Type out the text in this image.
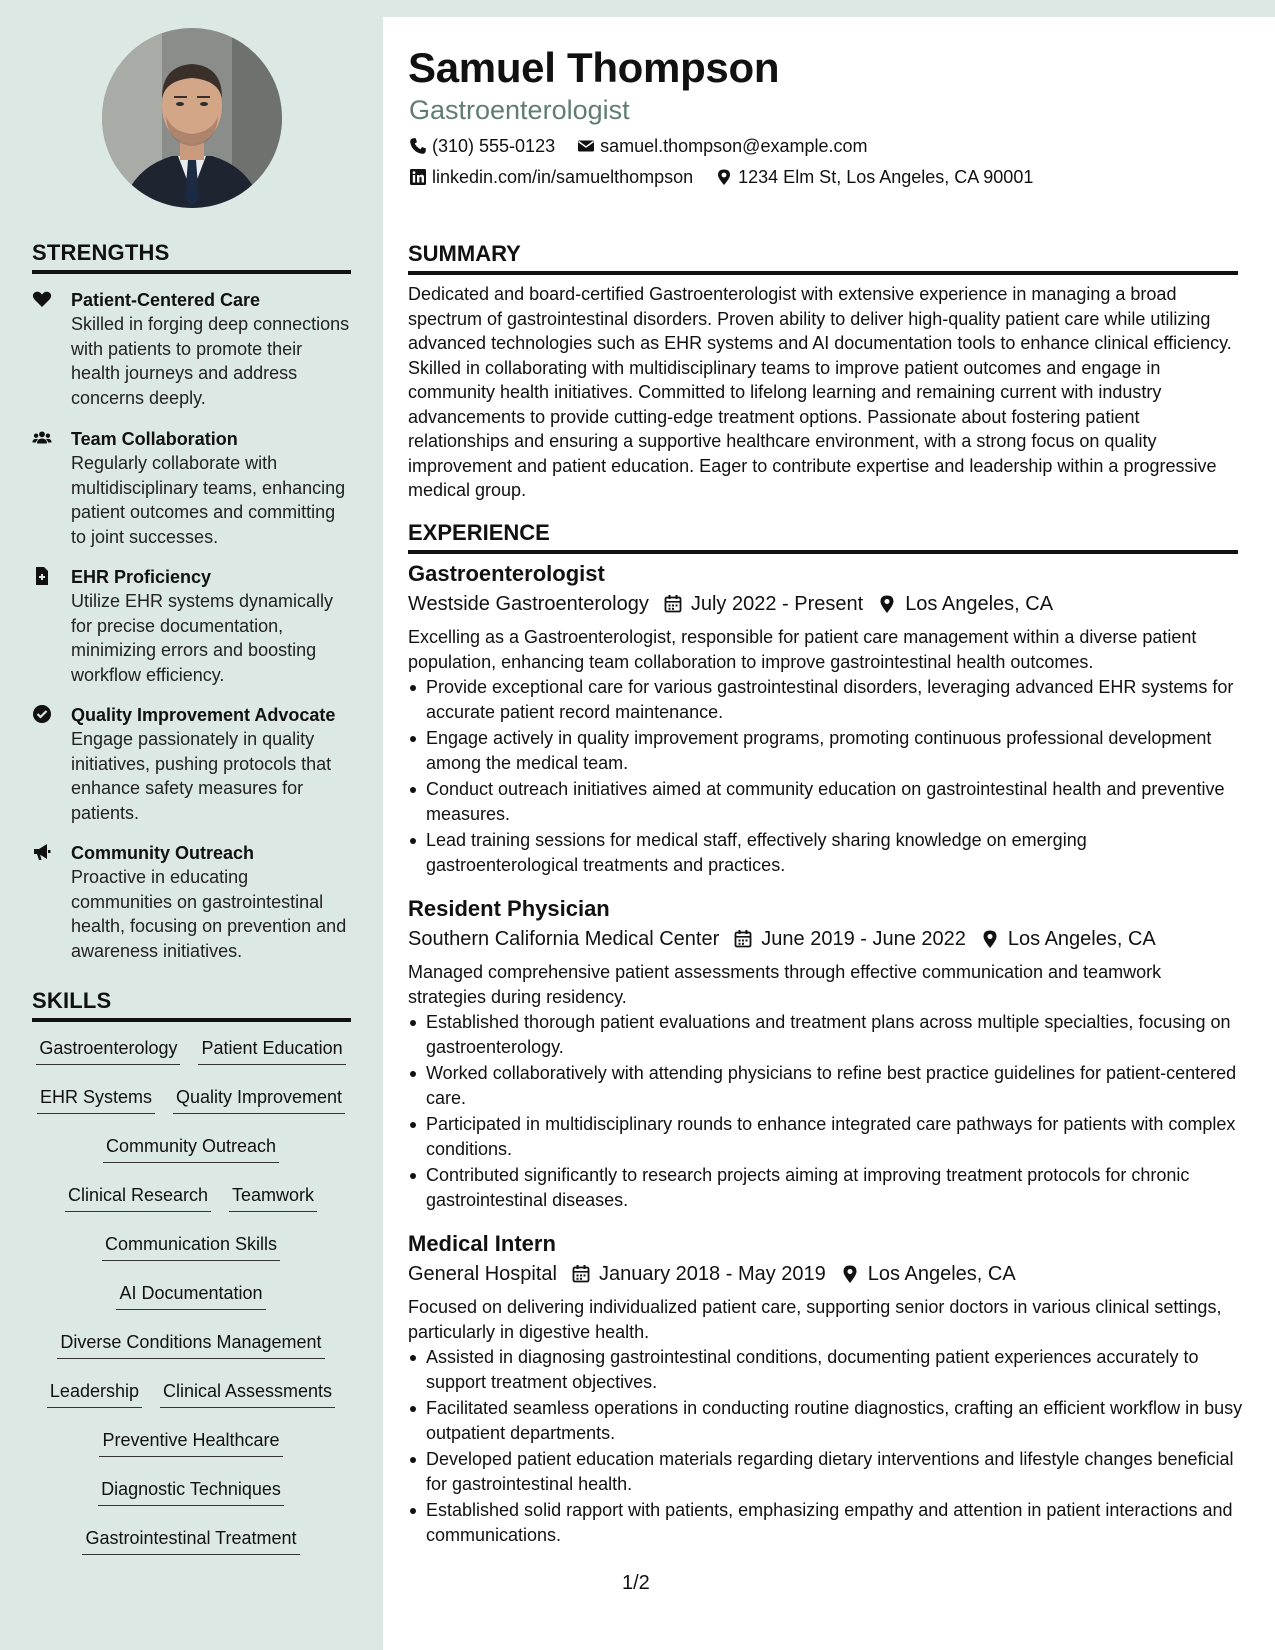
STRENGTHS
Patient-Centered Care
Skilled in forging deep connections with patients to promote their health journeys and address concerns deeply.
Team Collaboration
Regularly collaborate with multidisciplinary teams, enhancing patient outcomes and committing to joint successes.
EHR Proficiency
Utilize EHR systems dynamically for precise documentation, minimizing errors and boosting workflow efficiency.
Quality Improvement Advocate
Engage passionately in quality initiatives, pushing protocols that enhance safety measures for patients.
Community Outreach
Proactive in educating communities on gastrointestinal health, focusing on prevention and awareness initiatives.
SKILLS
Gastroenterology Patient Education
EHR Systems Quality Improvement
Community Outreach
Clinical Research Teamwork
Communication Skills
AI Documentation
Diverse Conditions Management
Leadership Clinical Assessments
Preventive Healthcare
Diagnostic Techniques
Gastrointestinal Treatment
Samuel Thompson
Gastroenterologist
(310) 555-0123	samuel.thompson@example.com
linkedin.com/in/samuelthompson	1234 Elm St, Los Angeles, CA 90001
SUMMARY
Dedicated and board-certified Gastroenterologist with extensive experience in managing a broad spectrum of gastrointestinal disorders. Proven ability to deliver high-quality patient care while utilizing advanced technologies such as EHR systems and AI documentation tools to enhance clinical efficiency. Skilled in collaborating with multidisciplinary teams to improve patient outcomes and engage in community health initiatives. Committed to lifelong learning and remaining current with industry advancements to provide cutting-edge treatment options. Passionate about fostering patient relationships and ensuring a supportive healthcare environment, with a strong focus on quality improvement and patient education. Eager to contribute expertise and leadership within a progressive medical group.
EXPERIENCE
Gastroenterologist
Westside Gastroenterology July 2022 - Present Los Angeles, CA
Excelling as a Gastroenterologist, responsible for patient care management within a diverse patient population, enhancing team collaboration to improve gastrointestinal health outcomes.
Provide exceptional care for various gastrointestinal disorders, leveraging advanced EHR systems for accurate patient record maintenance.
Engage actively in quality improvement programs, promoting continuous professional development among the medical team.
Conduct outreach initiatives aimed at community education on gastrointestinal health and preventive measures.
Lead training sessions for medical staff, effectively sharing knowledge on emerging gastroenterological treatments and practices.
Resident Physician
Southern California Medical Center June 2019 - June 2022 Los Angeles, CA
Managed comprehensive patient assessments through effective communication and teamwork strategies during residency.
Established thorough patient evaluations and treatment plans across multiple specialties, focusing on gastroenterology.
Worked collaboratively with attending physicians to refine best practice guidelines for patient-centered care.
Participated in multidisciplinary rounds to enhance integrated care pathways for patients with complex conditions.
Contributed significantly to research projects aiming at improving treatment protocols for chronic gastrointestinal diseases.
Medical Intern
General Hospital January 2018 - May 2019 Los Angeles, CA
Focused on delivering individualized patient care, supporting senior doctors in various clinical settings, particularly in digestive health.
Assisted in diagnosing gastrointestinal conditions, documenting patient experiences accurately to support treatment objectives.
Facilitated seamless operations in conducting routine diagnostics, crafting an efficient workflow in busy outpatient departments.
Developed patient education materials regarding dietary interventions and lifestyle changes beneficial for gastrointestinal health.
Established solid rapport with patients, emphasizing empathy and attention in patient interactions and communications.
1/2
